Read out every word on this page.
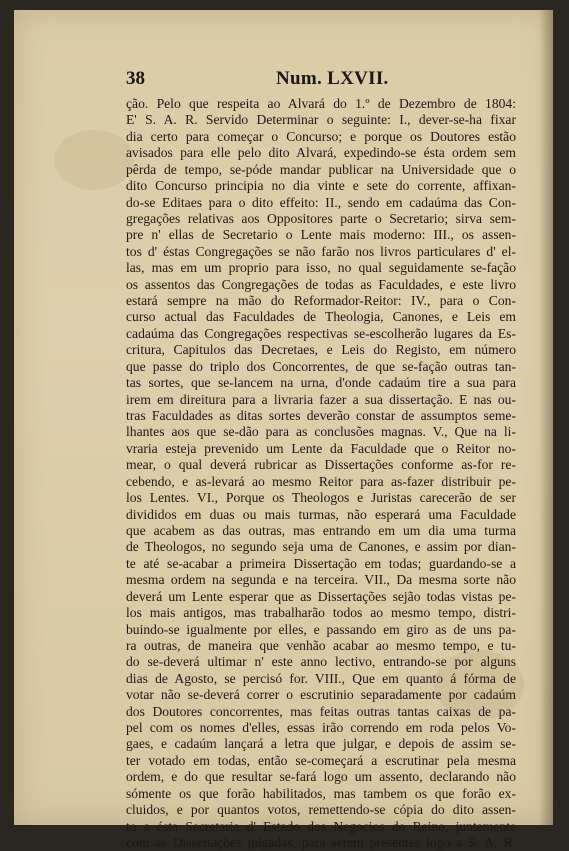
38	Num. LXVII.
ção. Pelo que respeita ao Alvará do 1.º de Dezembro de 1804:
E' S. A. R. Servido Determinar o seguinte: I., dever-se-ha fixar
dia certo para começar o Concurso; e porque os Doutores estão
avisados para elle pelo dito Alvará, expedindo-se ésta ordem sem
pêrda de tempo, se-póde mandar publicar na Universidade que o
dito Concurso principia no dia vinte e sete do corrente, affixan-
do-se Editaes para o dito effeito: II., sendo em cadaúma das Con-
gregações relativas aos Oppositores parte o Secretario; sirva sem-
pre n' ellas de Secretario o Lente mais moderno: III., os assen-
tos d' éstas Congregações se não farão nos livros particulares d' el-
las, mas em um proprio para isso, no qual seguidamente se-fação
os assentos das Congregações de todas as Faculdades, e este livro
estará sempre na mão do Reformador-Reitor: IV., para o Con-
curso actual das Faculdades de Theologia, Canones, e Leis em
cadaúma das Congregações respectivas se-escolherão lugares da Es-
critura, Capitulos das Decretaes, e Leis do Registo, em número
que passe do triplo dos Concorrentes, de que se-fação outras tan-
tas sortes, que se-lancem na urna, d'onde cadaúm tire a sua para
irem em direitura para a livraria fazer a sua dissertação. E nas ou-
tras Faculdades as ditas sortes deverão constar de assumptos seme-
lhantes aos que se-dão para as conclusões magnas. V., Que na li-
vraria esteja prevenido um Lente da Faculdade que o Reitor no-
mear, o qual deverá rubricar as Dissertações conforme as-for re-
cebendo, e as-levará ao mesmo Reitor para as-fazer distribuir pe-
los Lentes. VI., Porque os Theologos e Juristas carecerão de ser
divididos em duas ou mais turmas, não esperará uma Faculdade
que acabem as das outras, mas entrando em um dia uma turma
de Theologos, no segundo seja uma de Canones, e assim por dian-
te até se-acabar a primeira Dissertação em todas; guardando-se a
mesma ordem na segunda e na terceira. VII., Da mesma sorte não
deverá um Lente esperar que as Dissertações sejão todas vistas pe-
los mais antigos, mas trabalharão todos ao mesmo tempo, distri-
buindo-se igualmente por elles, e passando em giro as de uns pa-
ra outras, de maneira que venhão acabar ao mesmo tempo, e tu-
do se-deverá ultimar n' este anno lectivo, entrando-se por alguns
dias de Agosto, se percisó for. VIII., Que em quanto á fórma de
votar não se-deverá correr o escrutinio separadamente por cadaúm
dos Doutores concorrentes, mas feitas outras tantas caixas de pa-
pel com os nomes d'elles, essas irão correndo em roda pelos Vo-
gaes, e cadaúm lançará a letra que julgar, e depois de assim se-
ter votado em todas, então se-começará a escrutinar pela mesma
ordem, e do que resultar se-fará logo um assento, declarando não
sómente os que forão habilitados, mas tambem os que forão ex-
cluidos, e por quantos votos, remettendo-se cópia do dito assen-
to a ésta Secretaria d' Estado dos Negocios do Reino, juntamente
com as Dissertações julgadas, para serem presentes logo a S. A. R.
